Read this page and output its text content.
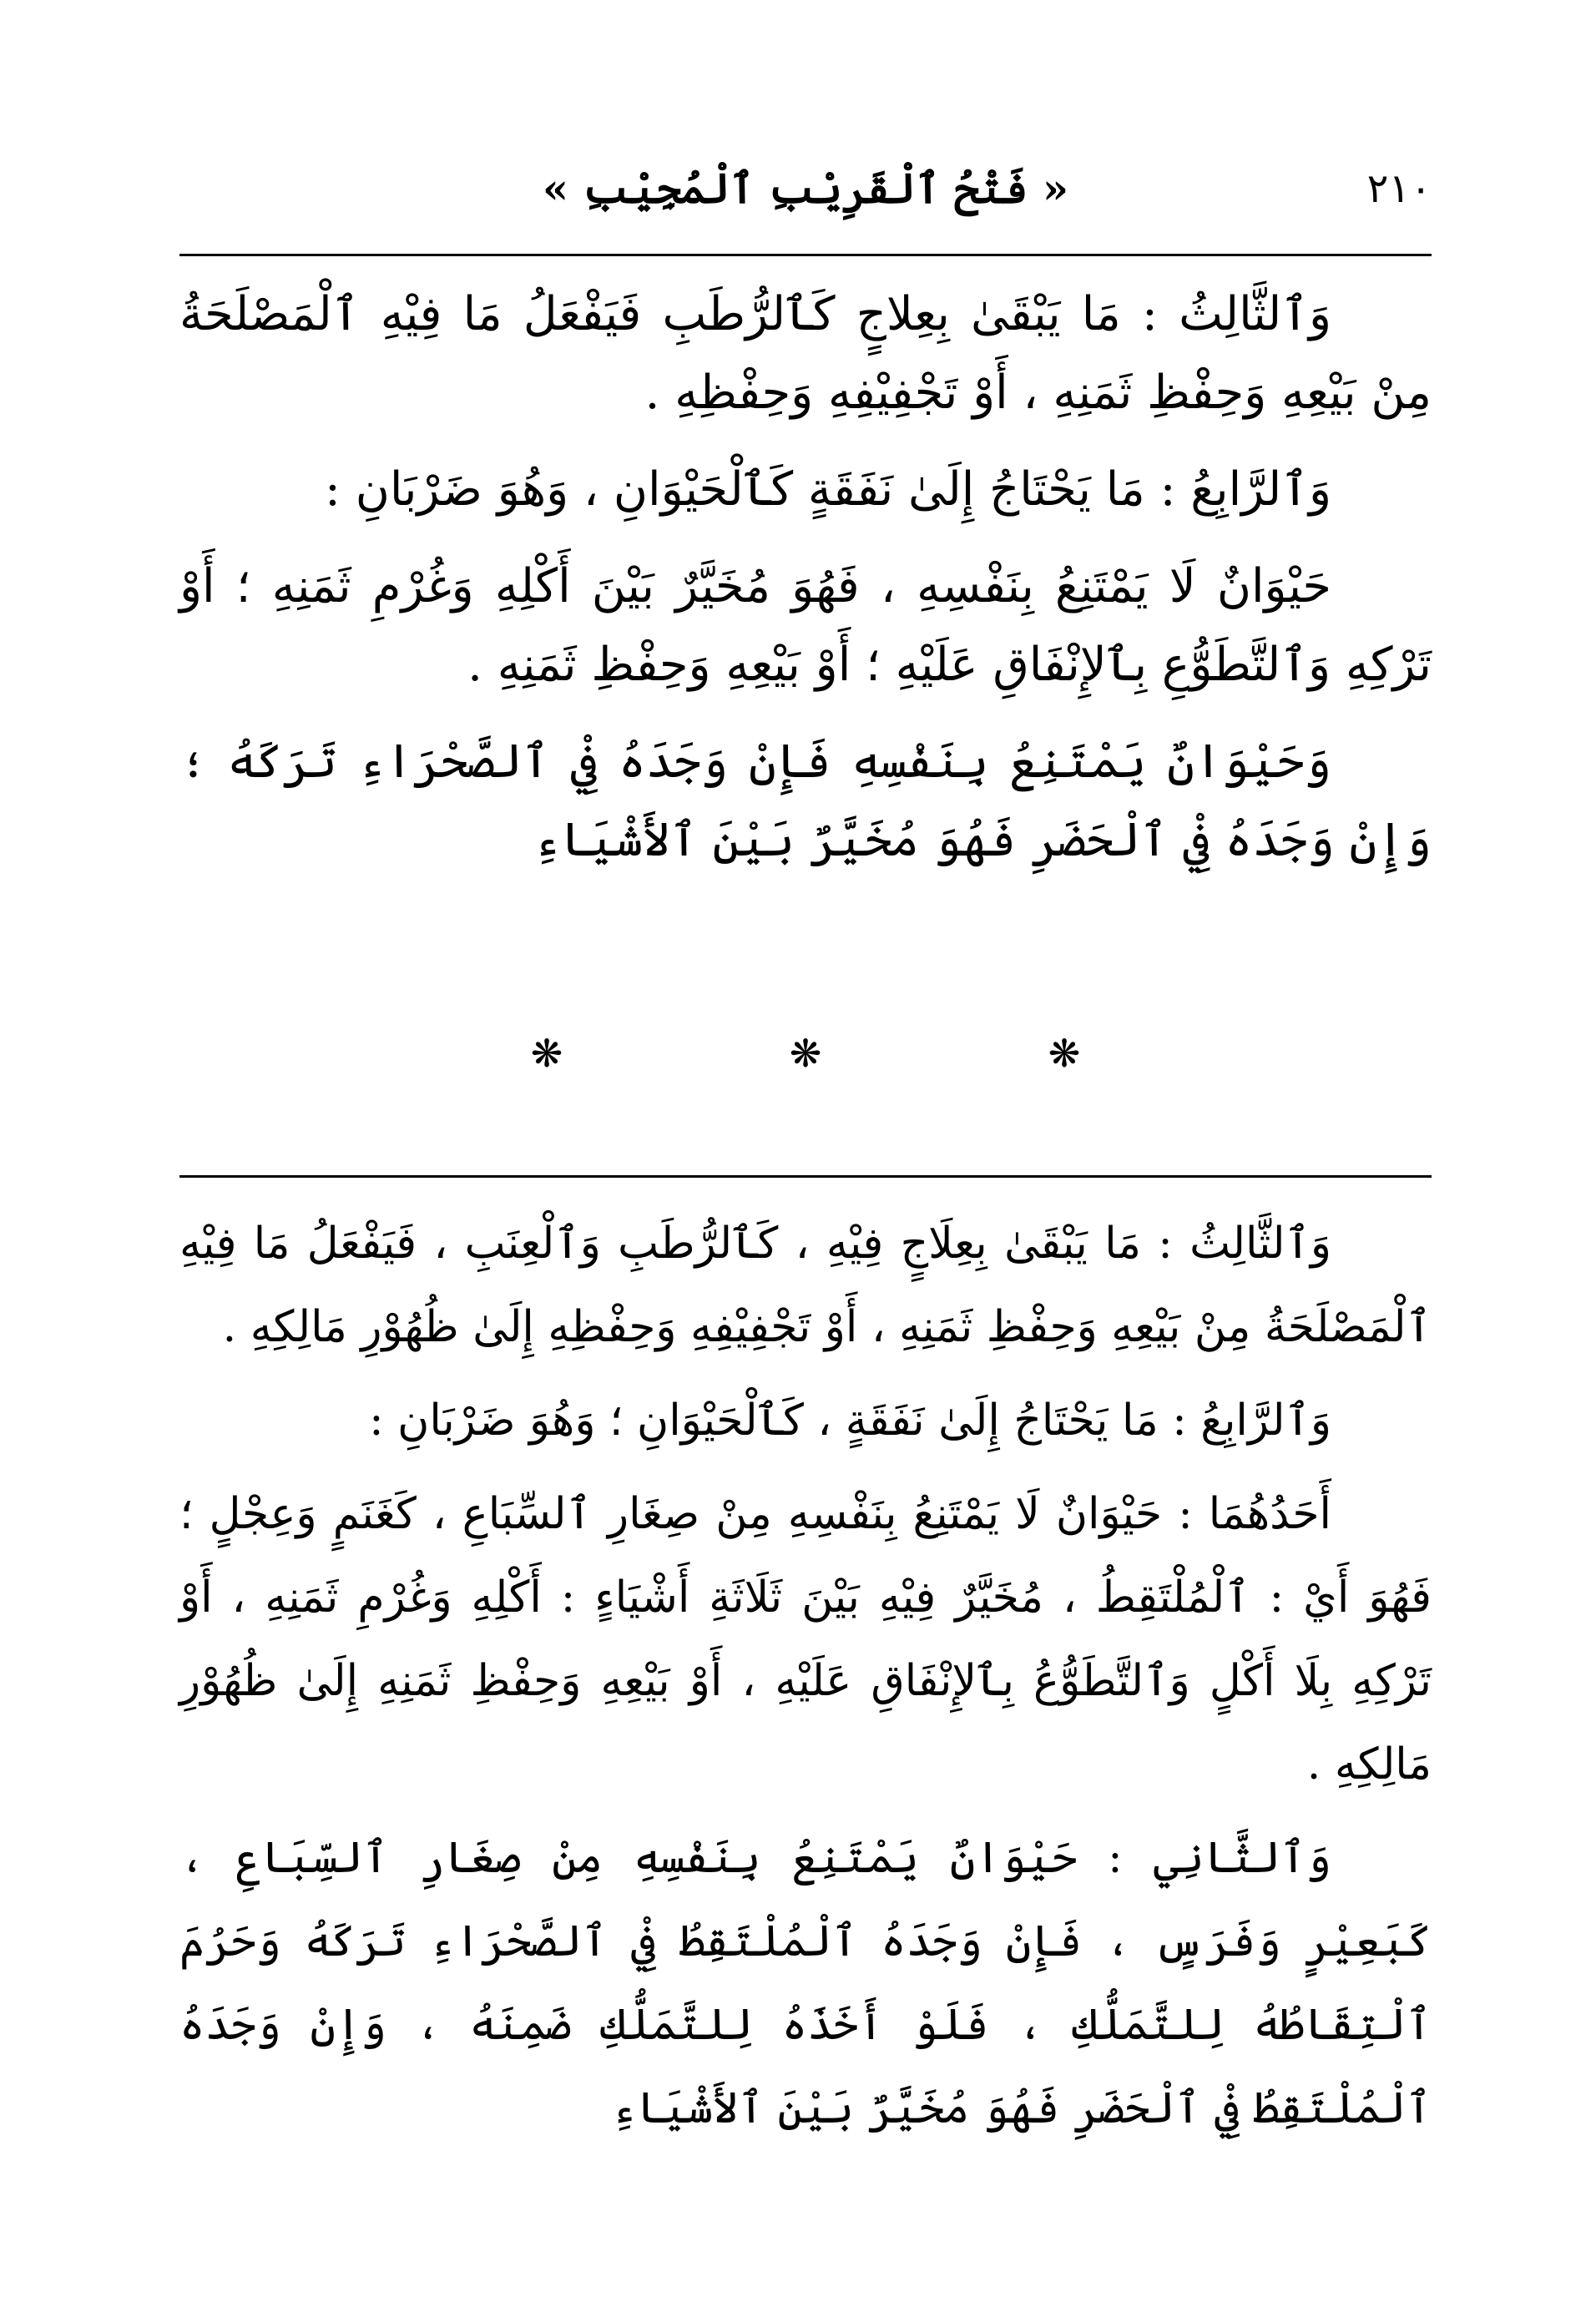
٢١٠
« فَتْحُ ٱلْقَرِيْبِ ٱلْمُجِيْبِ »

وَٱلثَّالِثُ : مَا يَبْقَىٰ بِعِلاجٍ كَٱلرُّطَبِ فَيَفْعَلُ مَا فِيْهِ ٱلْمَصْلَحَةُ مِنْ بَيْعِهِ وَحِفْظِ ثَمَنِهِ ، أَوْ تَجْفِيْفِهِ وَحِفْظِهِ .

وَٱلرَّابِعُ : مَا يَحْتَاجُ إِلَىٰ نَفَقَةٍ كَٱلْحَيْوَانِ ، وَهُوَ ضَرْبَانِ :

حَيْوَانٌ لَا يَمْتَنِعُ بِنَفْسِهِ ، فَهُوَ مُخَيَّرٌ بَيْنَ أَكْلِهِ وَغُرْمِ ثَمَنِهِ ؛ أَوْ تَرْكِهِ وَٱلتَّطَوُّعِ بِٱلإِنْفَاقِ عَلَيْهِ ؛ أَوْ بَيْعِهِ وَحِفْظِ ثَمَنِهِ .

وَحَيْوَانٌ يَمْتَنِعُ بِنَفْسِهِ فَإِنْ وَجَدَهُ فِيْ ٱلصَّحْرَاءِ تَرَكَهُ ؛ وَإِنْ وَجَدَهُ فِيْ ٱلْحَضَرِ فَهُوَ مُخَيَّرٌ بَيْنَ ٱلأَشْيَاءِ

❋
❋
❋

وَٱلثَّالِثُ : مَا يَبْقَىٰ بِعِلَاجٍ فِيْهِ ، كَٱلرُّطَبِ وَٱلْعِنَبِ ، فَيَفْعَلُ مَا فِيْهِ ٱلْمَصْلَحَةُ مِنْ بَيْعِهِ وَحِفْظِ ثَمَنِهِ ، أَوْ تَجْفِيْفِهِ وَحِفْظِهِ إِلَىٰ ظُهُوْرِ مَالِكِهِ .

وَٱلرَّابِعُ : مَا يَحْتَاجُ إِلَىٰ نَفَقَةٍ ، كَٱلْحَيْوَانِ ؛ وَهُوَ ضَرْبَانِ :

أَحَدُهُمَا : حَيْوَانٌ لَا يَمْتَنِعُ بِنَفْسِهِ مِنْ صِغَارِ ٱلسِّبَاعِ ، كَغَنَمٍ وَعِجْلٍ ؛ فَهُوَ أَيْ : ٱلْمُلْتَقِطُ ، مُخَيَّرٌ فِيْهِ بَيْنَ ثَلَاثَةِ أَشْيَاءٍ : أَكْلِهِ وَغُرْمِ ثَمَنِهِ ، أَوْ تَرْكِهِ بِلَا أَكْلٍ وَٱلتَّطَوُّعُ بِٱلإِنْفَاقِ عَلَيْهِ ، أَوْ بَيْعِهِ وَحِفْظِ ثَمَنِهِ إِلَىٰ ظُهُوْرِ مَالِكِهِ .

وَٱلثَّانِي : حَيْوَانٌ يَمْتَنِعُ بِنَفْسِهِ مِنْ صِغَارِ ٱلسِّبَاعِ ، كَبَعِيْرٍ وَفَرَسٍ ، فَإِنْ وَجَدَهُ ٱلْمُلْتَقِطُ فِيْ ٱلصَّحْرَاءِ تَرَكَهُ وَحَرُمَ ٱلْتِقَاطُهُ لِلتَّمَلُّكِ ، فَلَوْ أَخَذَهُ لِلتَّمَلُّكِ ضَمِنَهُ ، وَإِنْ وَجَدَهُ ٱلْمُلْتَقِطُ فِيْ ٱلْحَضَرِ فَهُوَ مُخَيَّرٌ بَيْنَ ٱلأَشْيَاءِ
